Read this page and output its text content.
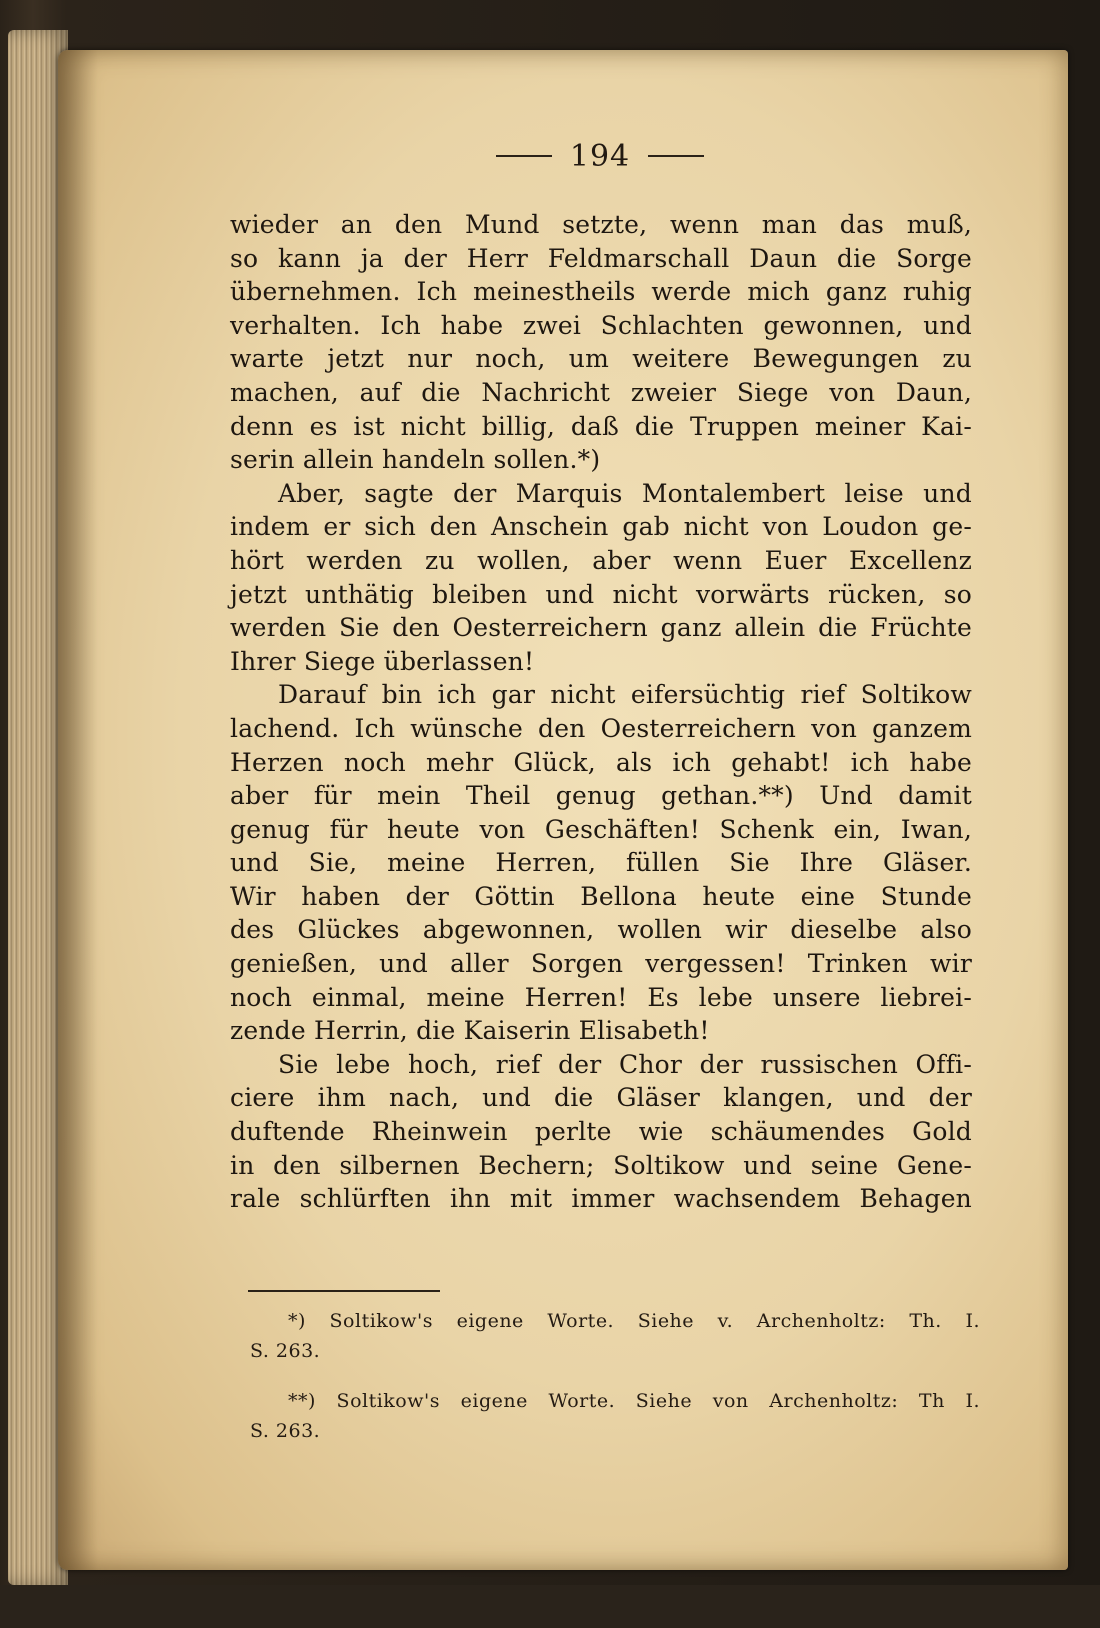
194
wieder an den Mund setzte, wenn man das muß,
so kann ja der Herr Feldmarschall Daun die Sorge
übernehmen. Ich meinestheils werde mich ganz ruhig
verhalten. Ich habe zwei Schlachten gewonnen, und
warte jetzt nur noch, um weitere Bewegungen zu
machen, auf die Nachricht zweier Siege von Daun,
denn es ist nicht billig, daß die Truppen meiner Kai-
serin allein handeln sollen.*)
Aber, sagte der Marquis Montalembert leise und
indem er sich den Anschein gab nicht von Loudon ge-
hört werden zu wollen, aber wenn Euer Excellenz
jetzt unthätig bleiben und nicht vorwärts rücken, so
werden Sie den Oesterreichern ganz allein die Früchte
Ihrer Siege überlassen!
Darauf bin ich gar nicht eifersüchtig rief Soltikow
lachend. Ich wünsche den Oesterreichern von ganzem
Herzen noch mehr Glück, als ich gehabt! ich habe
aber für mein Theil genug gethan.**) Und damit
genug für heute von Geschäften! Schenk ein, Iwan,
und Sie, meine Herren, füllen Sie Ihre Gläser.
Wir haben der Göttin Bellona heute eine Stunde
des Glückes abgewonnen, wollen wir dieselbe also
genießen, und aller Sorgen vergessen! Trinken wir
noch einmal, meine Herren! Es lebe unsere liebrei-
zende Herrin, die Kaiserin Elisabeth!
Sie lebe hoch, rief der Chor der russischen Offi-
ciere ihm nach, und die Gläser klangen, und der
duftende Rheinwein perlte wie schäumendes Gold
in den silbernen Bechern; Soltikow und seine Gene-
rale schlürften ihn mit immer wachsendem Behagen
*) Soltikow's eigene Worte. Siehe v. Archenholtz: Th. I.
S. 263.
**) Soltikow's eigene Worte. Siehe von Archenholtz: Th I.
S. 263.
